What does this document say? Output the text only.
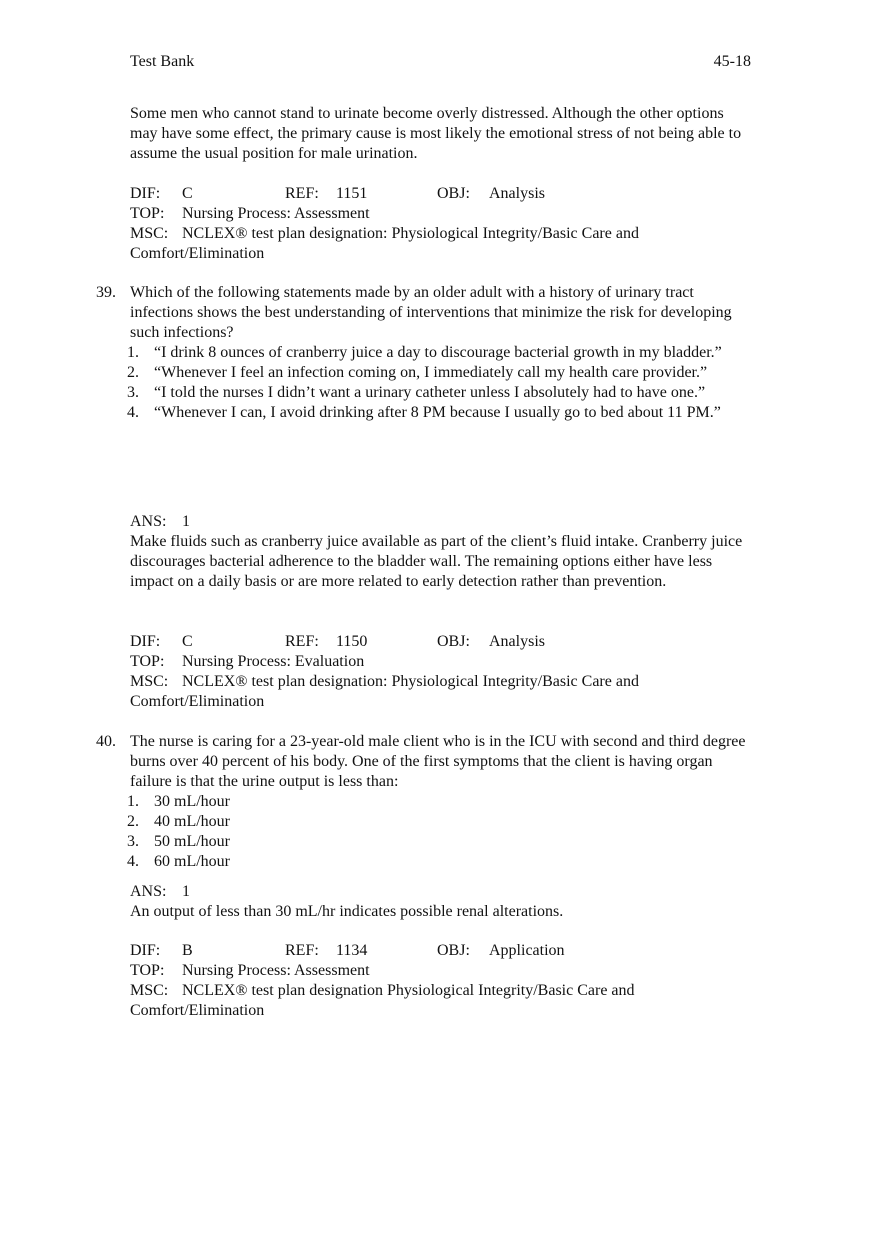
Test Bank	45-18

Some men who cannot stand to urinate become overly distressed. Although the other options may have some effect, the primary cause is most likely the emotional stress of not being able to assume the usual position for male urination.

DIF: C	REF: 1151	OBJ: Analysis
TOP: Nursing Process: Assessment
MSC: NCLEX® test plan designation: Physiological Integrity/Basic Care and Comfort/Elimination
39. Which of the following statements made by an older adult with a history of urinary tract infections shows the best understanding of interventions that minimize the risk for developing such infections?
1. “I drink 8 ounces of cranberry juice a day to discourage bacterial growth in my bladder.”
2. “Whenever I feel an infection coming on, I immediately call my health care provider.”
3. “I told the nurses I didn’t want a urinary catheter unless I absolutely had to have one.”
4. “Whenever I can, I avoid drinking after 8 PM because I usually go to bed about 11 PM.”
ANS: 1

Make fluids such as cranberry juice available as part of the client’s fluid intake. Cranberry juice discourages bacterial adherence to the bladder wall. The remaining options either have less impact on a daily basis or are more related to early detection rather than prevention.

DIF: C	REF: 1150	OBJ: Analysis
TOP: Nursing Process: Evaluation
MSC: NCLEX® test plan designation: Physiological Integrity/Basic Care and Comfort/Elimination
40. The nurse is caring for a 23-year-old male client who is in the ICU with second and third degree burns over 40 percent of his body. One of the first symptoms that the client is having organ failure is that the urine output is less than:
1. 30 mL/hour
2. 40 mL/hour
3. 50 mL/hour
4. 60 mL/hour
ANS: 1

An output of less than 30 mL/hr indicates possible renal alterations.

DIF: B	REF: 1134	OBJ: Application
TOP: Nursing Process: Assessment
MSC: NCLEX® test plan designation Physiological Integrity/Basic Care and Comfort/Elimination
